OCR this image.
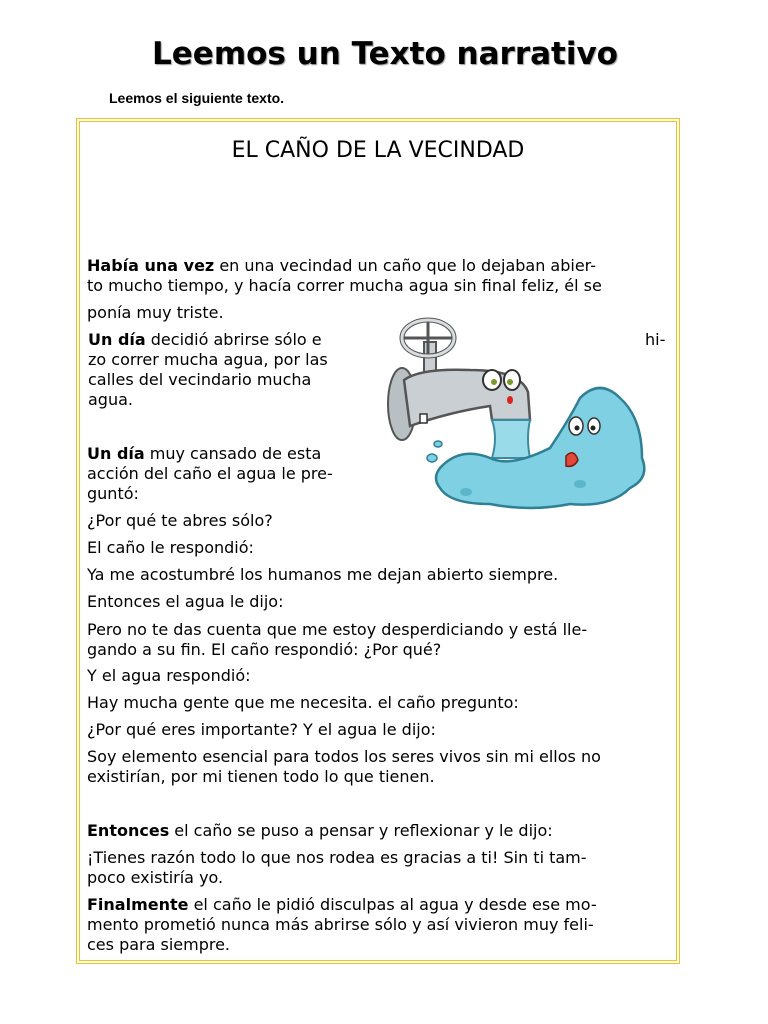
Leemos un Texto narrativo
Leemos el siguiente texto.
EL CAÑO DE LA VECINDAD

Había una vez en una vecindad un caño que lo dejaban abier-
to mucho tiempo, y hacía correr mucha agua sin final feliz, él se

ponía muy triste.

Un día decidió abrirse sólo e
zo correr mucha agua, por las
calles del vecindario mucha
agua.

hi-

Un día muy cansado de esta
acción del caño el agua le pre-
guntó:

¿Por qué te abres sólo?

El caño le respondió:

Ya me acostumbré los humanos me dejan abierto siempre.

Entonces el agua le dijo:

Pero no te das cuenta que me estoy desperdiciando y está lle-
gando a su fin. El caño respondió: ¿Por qué?

Y el agua respondió:

Hay mucha gente que me necesita. el caño pregunto:

¿Por qué eres importante? Y el agua le dijo:

Soy elemento esencial para todos los seres vivos sin mi ellos no
existirían, por mi tienen todo lo que tienen.

Entonces el caño se puso a pensar y reflexionar y le dijo:

¡Tienes razón todo lo que nos rodea es gracias a ti! Sin ti tam-
poco existiría yo.

Finalmente el caño le pidió disculpas al agua y desde ese mo-
mento prometió nunca más abrirse sólo y así vivieron muy feli-
ces para siempre.
